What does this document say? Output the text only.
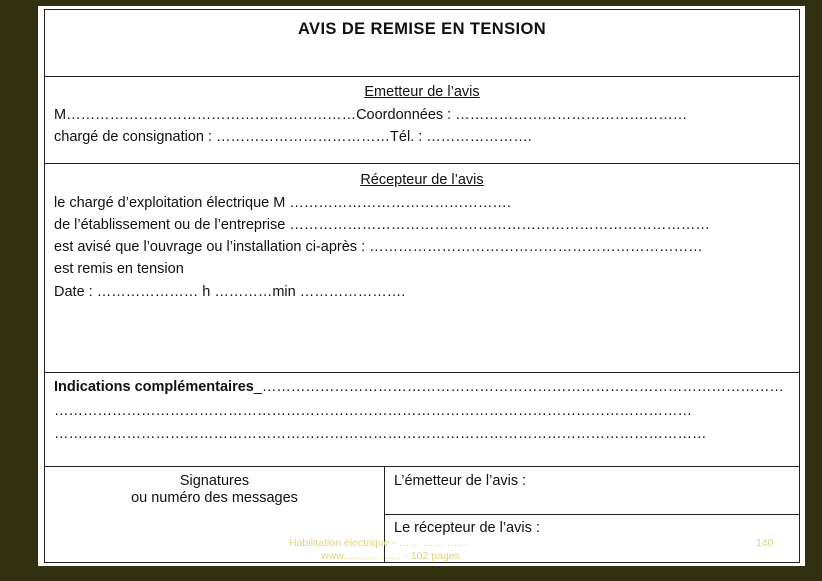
AVIS DE REMISE EN TENSION
Emetteur de l’avis
M……………………………………………………Coordonnées : …………………………………………
chargé de consignation : ………………………………Tél. : ………………….
Récepteur de l’avis
le chargé d’exploitation électrique M ……………………………………….
de l’établissement ou de l’entreprise ……………………………………………………………………………
est avisé que l’ouvrage ou l’installation ci-après : ……………………………………………………………
est remis en tension
Date : ………………… h …………min ………………….
Indications complémentaires_………………………………………………………………………………………………
……………………………………………………………………………………………………………………
………………………………………………………………………………………………………………………
Signatures
ou numéro des messages
L’émetteur de l’avis :
Le récepteur de l’avis :
Habilitation électrique - …… …… ……
www.……… …… - 102 pages
140
